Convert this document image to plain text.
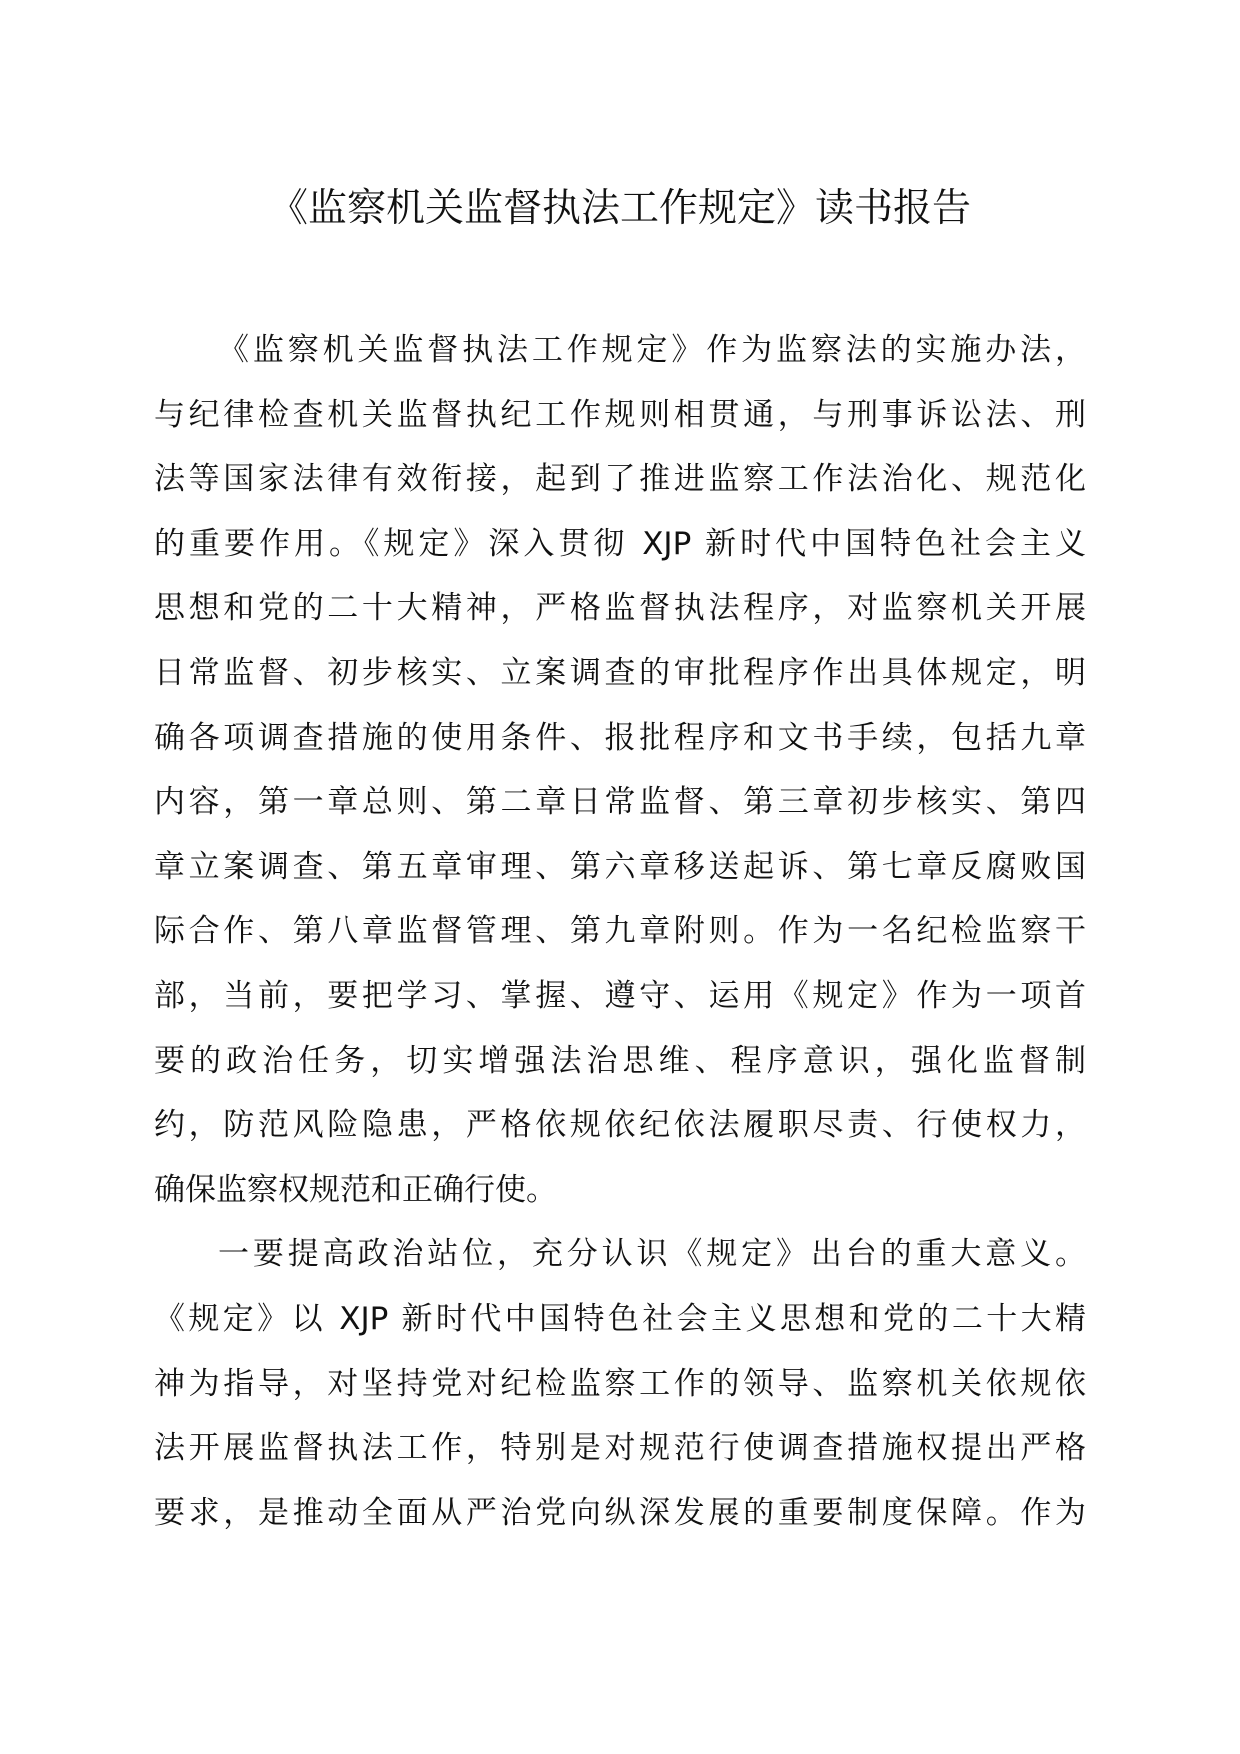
《监察机关监督执法工作规定》读书报告
《监察机关监督执法工作规定》作为监察法的实施办法，
与纪律检查机关监督执纪工作规则相贯通，与刑事诉讼法、刑
法等国家法律有效衔接，起到了推进监察工作法治化、规范化
的重要作用。《规定》深入贯彻 XJP 新时代中国特色社会主义
思想和党的二十大精神，严格监督执法程序，对监察机关开展
日常监督、初步核实、立案调查的审批程序作出具体规定，明
确各项调查措施的使用条件、报批程序和文书手续，包括九章
内容，第一章总则、第二章日常监督、第三章初步核实、第四
章立案调查、第五章审理、第六章移送起诉、第七章反腐败国
际合作、第八章监督管理、第九章附则。作为一名纪检监察干
部，当前，要把学习、掌握、遵守、运用《规定》作为一项首
要的政治任务，切实增强法治思维、程序意识，强化监督制
约，防范风险隐患，严格依规依纪依法履职尽责、行使权力，
确保监察权规范和正确行使。
一要提高政治站位，充分认识《规定》出台的重大意义。
《规定》以 XJP 新时代中国特色社会主义思想和党的二十大精
神为指导，对坚持党对纪检监察工作的领导、监察机关依规依
法开展监督执法工作，特别是对规范行使调查措施权提出严格
要求，是推动全面从严治党向纵深发展的重要制度保障。作为
